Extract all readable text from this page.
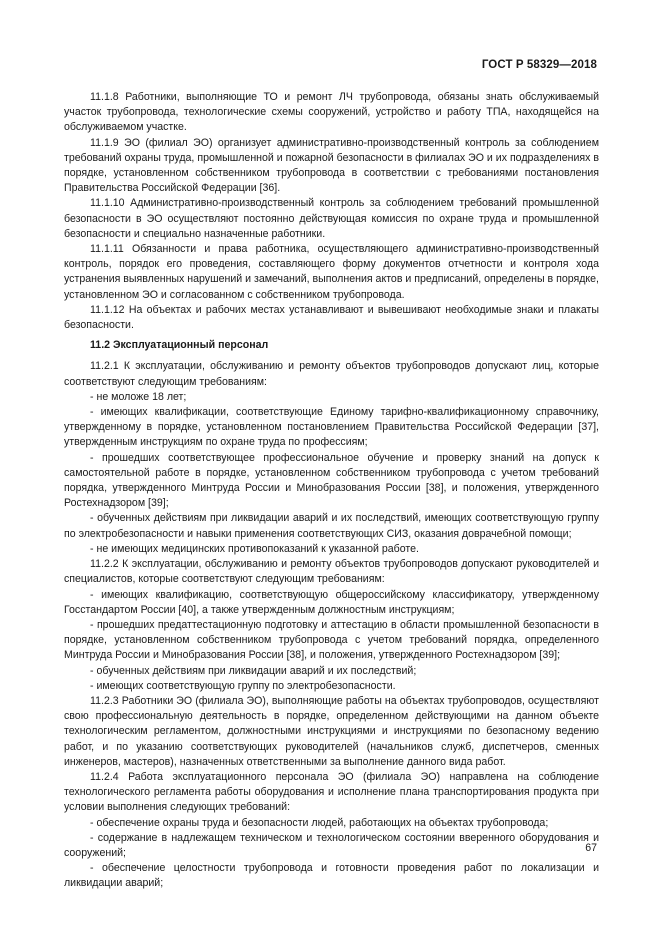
ГОСТ Р 58329—2018

11.1.8 Работники, выполняющие ТО и ремонт ЛЧ трубопровода, обязаны знать обслуживаемый участок трубопровода, технологические схемы сооружений, устройство и работу ТПА, находящейся на обслуживаемом участке.

11.1.9 ЭО (филиал ЭО) организует административно-производственный контроль за соблюдением требований охраны труда, промышленной и пожарной безопасности в филиалах ЭО и их подразделениях в порядке, установленном собственником трубопровода в соответствии с требованиями постановления Правительства Российской Федерации [36].

11.1.10 Административно-производственный контроль за соблюдением требований промышленной безопасности в ЭО осуществляют постоянно действующая комиссия по охране труда и промышленной безопасности и специально назначенные работники.

11.1.11 Обязанности и права работника, осуществляющего административно-производственный контроль, порядок его проведения, составляющего форму документов отчетности и контроля хода устранения выявленных нарушений и замечаний, выполнения актов и предписаний, определены в порядке, установленном ЭО и согласованном с собственником трубопровода.

11.1.12 На объектах и рабочих местах устанавливают и вывешивают необходимые знаки и плакаты безопасности.

11.2 Эксплуатационный персонал

11.2.1 К эксплуатации, обслуживанию и ремонту объектов трубопроводов допускают лиц, которые соответствуют следующим требованиям:

- не моложе 18 лет;

- имеющих квалификации, соответствующие Единому тарифно-квалификационному справочнику, утвержденному в порядке, установленном постановлением Правительства Российской Федерации [37], утвержденным инструкциям по охране труда по профессиям;

- прошедших соответствующее профессиональное обучение и проверку знаний на допуск к самостоятельной работе в порядке, установленном собственником трубопровода с учетом требований порядка, утвержденного Минтруда России и Минобразования России [38], и положения, утвержденного Ростехнадзором [39];

- обученных действиям при ликвидации аварий и их последствий, имеющих соответствующую группу по электробезопасности и навыки применения соответствующих СИЗ, оказания доврачебной помощи;

- не имеющих медицинских противопоказаний к указанной работе.

11.2.2 К эксплуатации, обслуживанию и ремонту объектов трубопроводов допускают руководителей и специалистов, которые соответствуют следующим требованиям:

- имеющих квалификацию, соответствующую общероссийскому классификатору, утвержденному Госстандартом России [40], а также утвержденным должностным инструкциям;

- прошедших предаттестационную подготовку и аттестацию в области промышленной безопасности в порядке, установленном собственником трубопровода с учетом требований порядка, определенного Минтруда России и Минобразования России [38], и положения, утвержденного Ростехнадзором [39];

- обученных действиям при ликвидации аварий и их последствий;

- имеющих соответствующую группу по электробезопасности.

11.2.3 Работники ЭО (филиала ЭО), выполняющие работы на объектах трубопроводов, осуществляют свою профессиональную деятельность в порядке, определенном действующими на данном объекте технологическим регламентом, должностными инструкциями и инструкциями по безопасному ведению работ, и по указанию соответствующих руководителей (начальников служб, диспетчеров, сменных инженеров, мастеров), назначенных ответственными за выполнение данного вида работ.

11.2.4 Работа эксплуатационного персонала ЭО (филиала ЭО) направлена на соблюдение технологического регламента работы оборудования и исполнение плана транспортирования продукта при условии выполнения следующих требований:

- обеспечение охраны труда и безопасности людей, работающих на объектах трубопровода;

- содержание в надлежащем техническом и технологическом состоянии вверенного оборудования и сооружений;

- обеспечение целостности трубопровода и готовности проведения работ по локализации и ликвидации аварий;

67
